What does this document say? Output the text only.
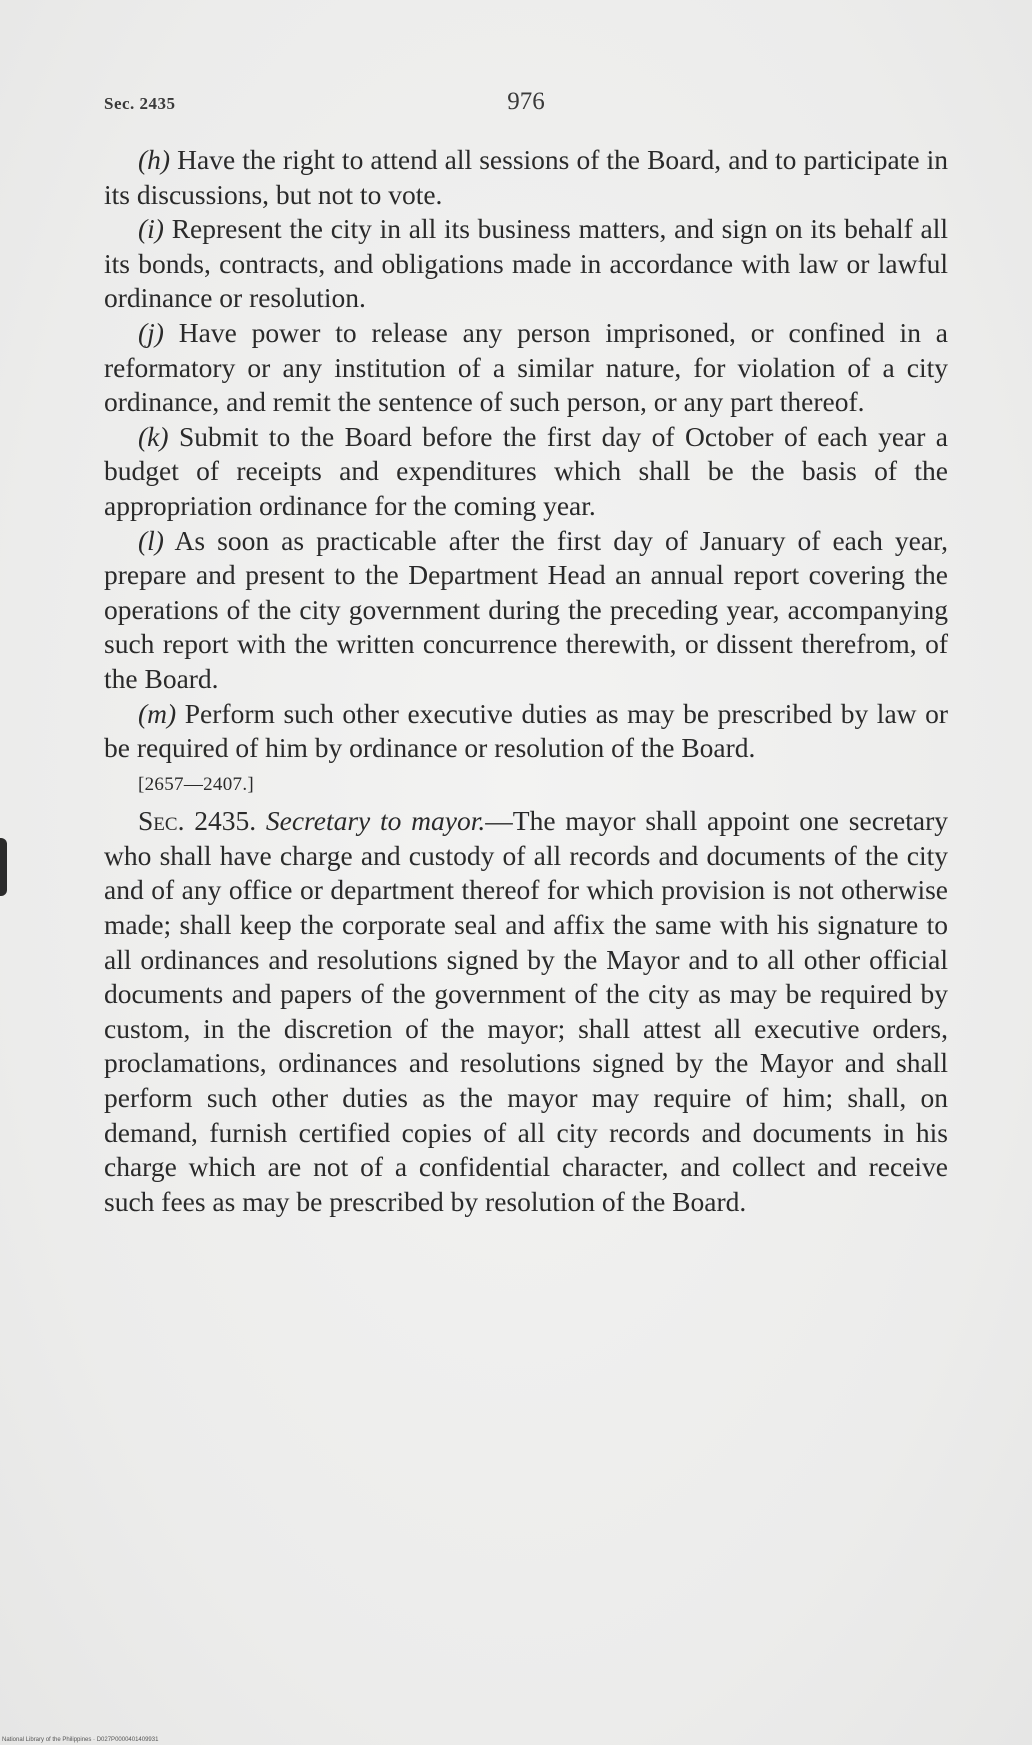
Sec. 2435	976

(h) Have the right to attend all sessions of the Board, and to participate in its discussions, but not to vote.

(i) Represent the city in all its business matters, and sign on its behalf all its bonds, contracts, and obligations made in accordance with law or lawful ordinance or resolution.

(j) Have power to release any person imprisoned, or confined in a reformatory or any institution of a similar nature, for violation of a city ordinance, and remit the sentence of such person, or any part thereof.

(k) Submit to the Board before the first day of October of each year a budget of receipts and expenditures which shall be the basis of the appropriation ordinance for the coming year.

(l) As soon as practicable after the first day of January of each year, prepare and present to the Department Head an annual report covering the operations of the city government during the preceding year, accompanying such report with the written concurrence therewith, or dissent therefrom, of the Board.

(m) Perform such other executive duties as may be prescribed by law or be required of him by ordinance or resolution of the Board.

[2657—2407.]

Sec. 2435. Secretary to mayor.—The mayor shall appoint one secretary who shall have charge and custody of all records and documents of the city and of any office or department thereof for which provision is not otherwise made; shall keep the corporate seal and affix the same with his signature to all ordinances and resolutions signed by the Mayor and to all other official documents and papers of the government of the city as may be required by custom, in the discretion of the mayor; shall attest all executive orders, proclamations, ordinances and resolutions signed by the Mayor and shall perform such other duties as the mayor may require of him; shall, on demand, furnish certified copies of all city records and documents in his charge which are not of a confidential character, and collect and receive such fees as may be prescribed by resolution of the Board.

National Library of the Philippines · D027P0000401409931
